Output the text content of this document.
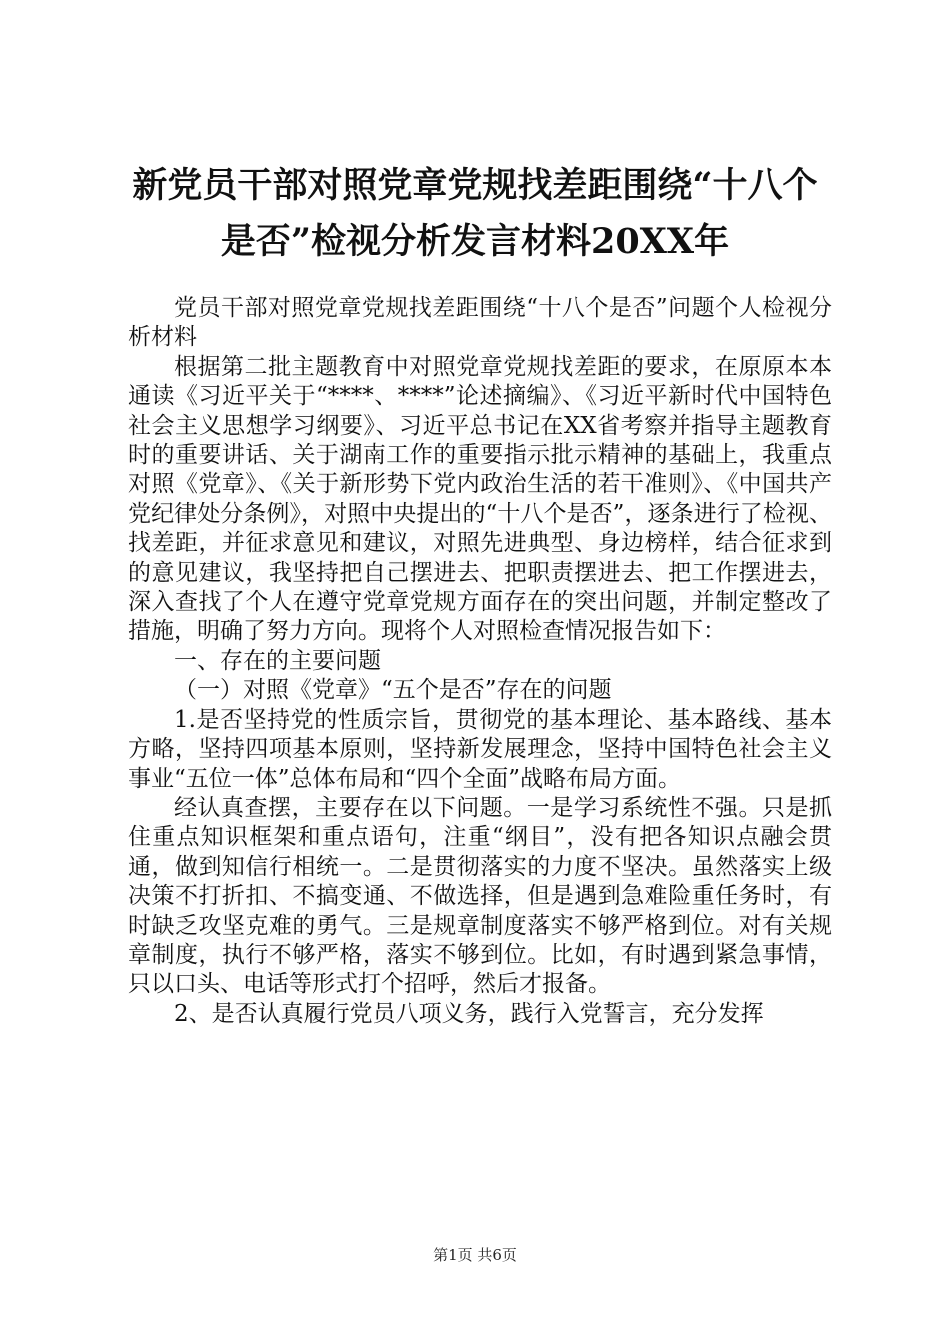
新党员干部对照党章党规找差距围绕“十八个
是否”检视分析发言材料20XX年

党员干部对照党章党规找差距围绕“十八个是否”问题个人检视分析材料

根据第二批主题教育中对照党章党规找差距的要求，在原原本本通读《习近平关于“****、****”论述摘编》、《习近平新时代中国特色社会主义思想学习纲要》、习近平总书记在XX省考察并指导主题教育时的重要讲话、关于湖南工作的重要指示批示精神的基础上，我重点对照《党章》、《关于新形势下党内政治生活的若干准则》、《中国共产党纪律处分条例》，对照中央提出的“十八个是否”，逐条进行了检视、找差距，并征求意见和建议，对照先进典型、身边榜样，结合征求到的意见建议，我坚持把自己摆进去、把职责摆进去、把工作摆进去，深入查找了个人在遵守党章党规方面存在的突出问题，并制定整改了措施，明确了努力方向。现将个人对照检查情况报告如下：

一、存在的主要问题

（一）对照《党章》“五个是否”存在的问题

1.是否坚持党的性质宗旨，贯彻党的基本理论、基本路线、基本方略，坚持四项基本原则，坚持新发展理念，坚持中国特色社会主义事业“五位一体”总体布局和“四个全面”战略布局方面。

经认真查摆，主要存在以下问题。一是学习系统性不强。只是抓住重点知识框架和重点语句，注重“纲目”，没有把各知识点融会贯通，做到知信行相统一。二是贯彻落实的力度不坚决。虽然落实上级决策不打折扣、不搞变通、不做选择，但是遇到急难险重任务时，有时缺乏攻坚克难的勇气。三是规章制度落实不够严格到位。对有关规章制度，执行不够严格，落实不够到位。比如，有时遇到紧急事情，只以口头、电话等形式打个招呼，然后才报备。

2、是否认真履行党员八项义务，践行入党誓言，充分发挥

第1页 共6页
